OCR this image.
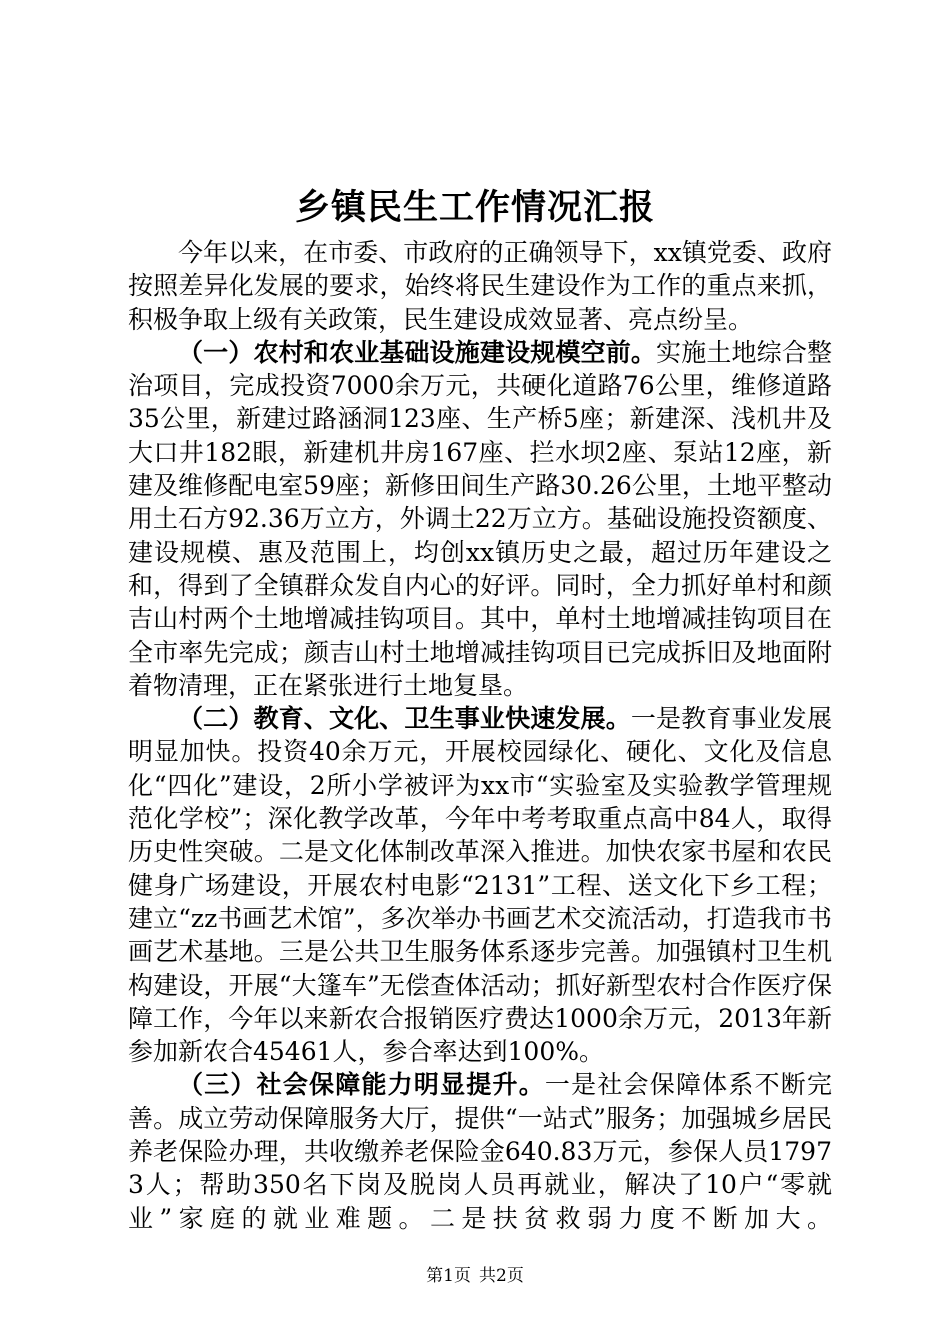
乡镇民生工作情况汇报

今年以来，在市委、市政府的正确领导下，xx镇党委、政府按照差异化发展的要求，始终将民生建设作为工作的重点来抓，积极争取上级有关政策，民生建设成效显著、亮点纷呈。

（一）农村和农业基础设施建设规模空前。实施土地综合整治项目，完成投资7000余万元，共硬化道路76公里，维修道路35公里，新建过路涵洞123座、生产桥5座；新建深、浅机井及大口井182眼，新建机井房167座、拦水坝2座、泵站12座，新建及维修配电室59座；新修田间生产路30.26公里，土地平整动用土石方92.36万立方，外调土22万立方。基础设施投资额度、建设规模、惠及范围上，均创xx镇历史之最，超过历年建设之和，得到了全镇群众发自内心的好评。同时，全力抓好单村和颜吉山村两个土地增减挂钩项目。其中，单村土地增减挂钩项目在全市率先完成；颜吉山村土地增减挂钩项目已完成拆旧及地面附着物清理，正在紧张进行土地复垦。

（二）教育、文化、卫生事业快速发展。一是教育事业发展明显加快。投资40余万元，开展校园绿化、硬化、文化及信息化“四化”建设，2所小学被评为xx市“实验室及实验教学管理规范化学校”；深化教学改革，今年中考考取重点高中84人，取得历史性突破。二是文化体制改革深入推进。加快农家书屋和农民健身广场建设，开展农村电影“2131”工程、送文化下乡工程；建立“zz书画艺术馆”，多次举办书画艺术交流活动，打造我市书画艺术基地。三是公共卫生服务体系逐步完善。加强镇村卫生机构建设，开展“大篷车”无偿查体活动；抓好新型农村合作医疗保障工作，今年以来新农合报销医疗费达1000余万元，2013年新参加新农合45461人，参合率达到100%。

（三）社会保障能力明显提升。一是社会保障体系不断完善。成立劳动保障服务大厅，提供“一站式”服务；加强城乡居民养老保险办理，共收缴养老保险金640.83万元，参保人员17973人；帮助350名下岗及脱岗人员再就业，解决了10户“零就业”家庭的就业难题。二是扶贫救弱力度不断加大。

第1页 共2页
